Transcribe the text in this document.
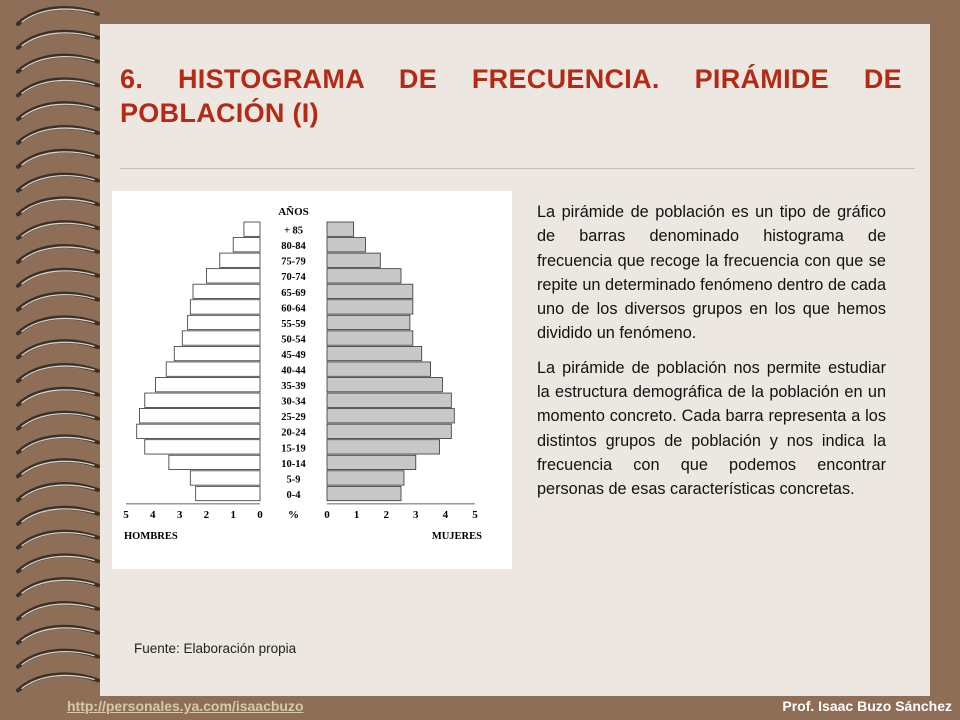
6. HISTOGRAMA DE FRECUENCIA. PIRÁMIDE DE POBLACIÓN (I)
AÑOS
+ 85
80-84
75-79
70-74
65-69
60-64
55-59
50-54
45-49
40-44
35-39
30-34
25-29
20-24
15-19
10-14
5-9
0-4
5 4 3 2 1 0	0 1 2 3 4 5
%
HOMBRES	MUJERES

La pirámide de población es un tipo de gráfico de barras denominado histograma de frecuencia que recoge la frecuencia con que se repite un determinado fenómeno dentro de cada uno de los diversos grupos en los que hemos dividido un fenómeno.

La pirámide de población nos permite estudiar la estructura demográfica de la población en un momento concreto. Cada barra representa a los distintos grupos de población y nos indica la frecuencia con que podemos encontrar personas de esas características concretas.

Fuente: Elaboración propia
http://personales.ya.com/isaacbuzo	Prof. Isaac Buzo Sánchez
